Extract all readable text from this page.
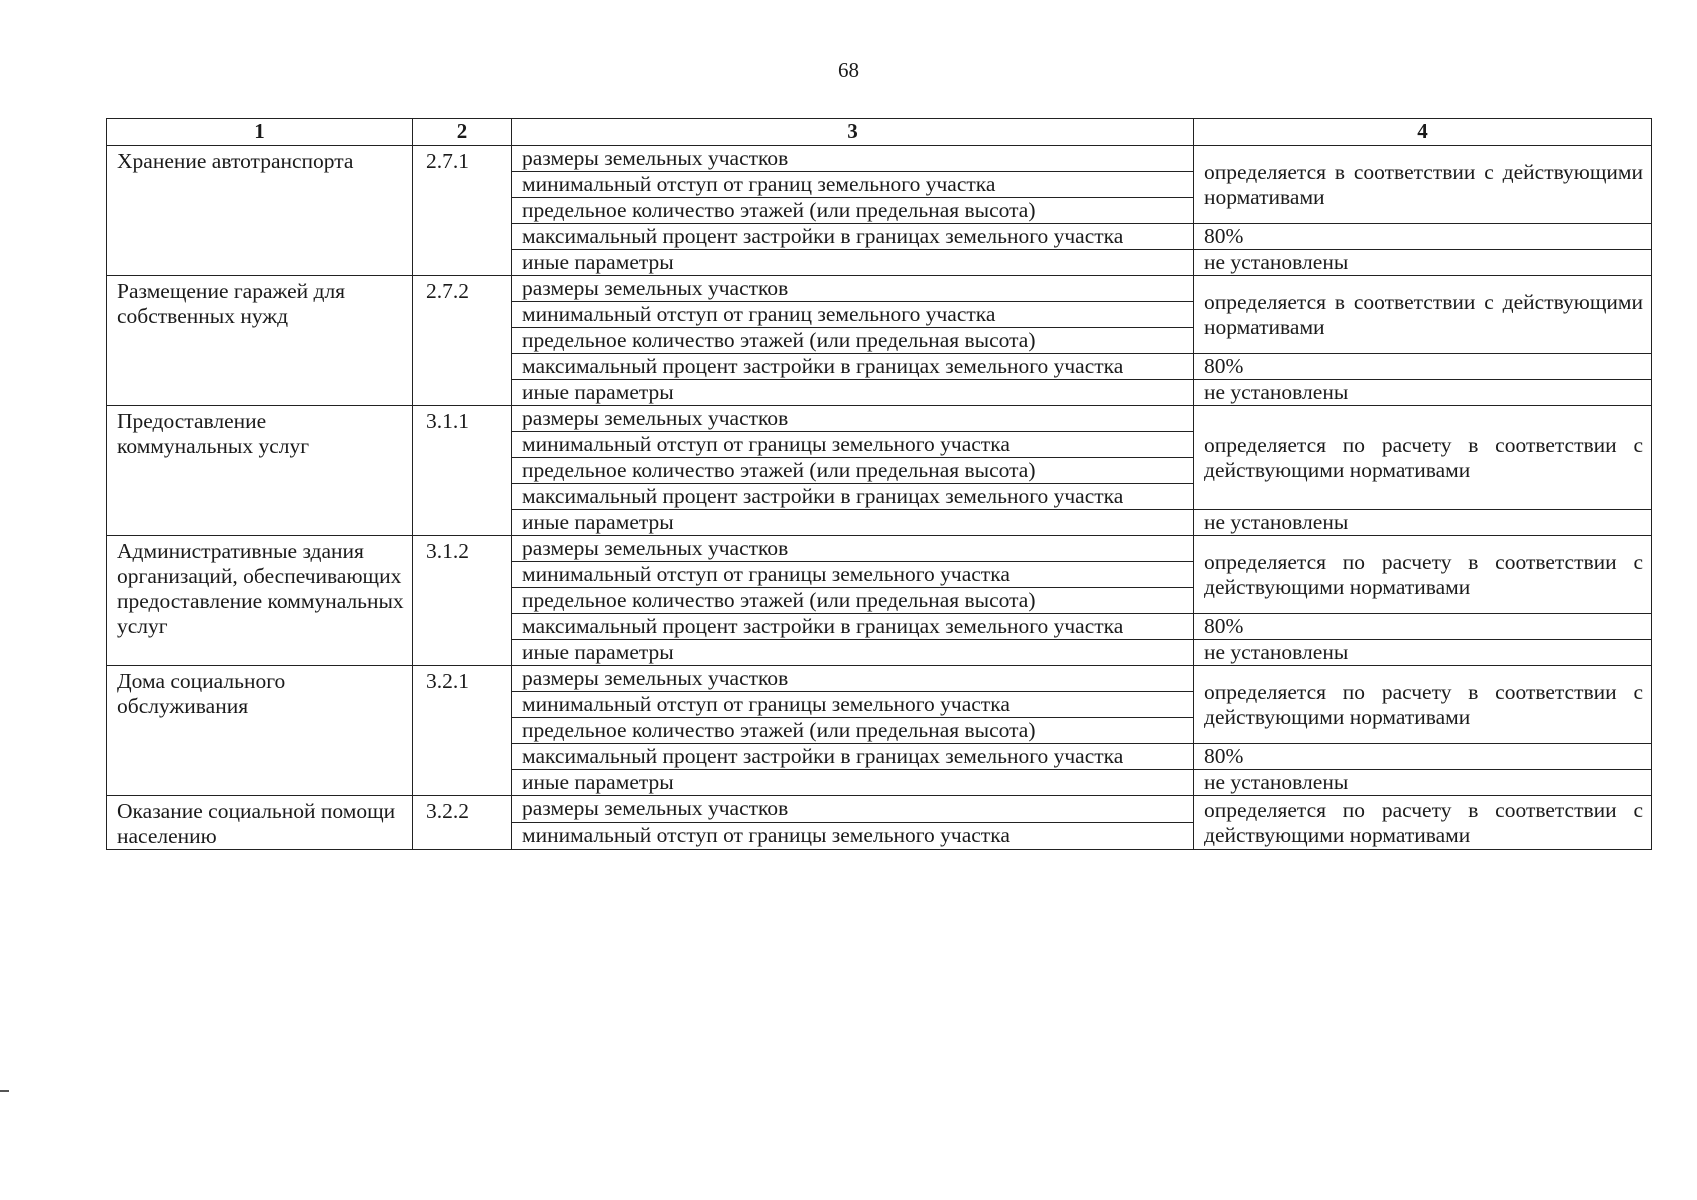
68
1	2	3	4
Хранение автотранспорта	2.7.1	размеры земельных участков	определяется в соответствии с действующими нормативами
		минимальный отступ от границ земельного участка	
		предельное количество этажей (или предельная высота)	
		максимальный процент застройки в границах земельного участка	80%
		иные параметры	не установлены
Размещение гаражей для собственных нужд	2.7.2	размеры земельных участков	определяется в соответствии с действующими нормативами
		минимальный отступ от границ земельного участка	
		предельное количество этажей (или предельная высота)	
		максимальный процент застройки в границах земельного участка	80%
		иные параметры	не установлены
Предоставление коммунальных услуг	3.1.1	размеры земельных участков	определяется по расчету в соответствии с действующими нормативами
		минимальный отступ от границы земельного участка	
		предельное количество этажей (или предельная высота)	
		максимальный процент застройки в границах земельного участка	
		иные параметры	не установлены
Административные здания организаций, обеспечивающих предоставление коммунальных услуг	3.1.2	размеры земельных участков	определяется по расчету в соответствии с действующими нормативами
		минимальный отступ от границы земельного участка	
		предельное количество этажей (или предельная высота)	
		максимальный процент застройки в границах земельного участка	80%
		иные параметры	не установлены
Дома социального обслуживания	3.2.1	размеры земельных участков	определяется по расчету в соответствии с действующими нормативами
		минимальный отступ от границы земельного участка	
		предельное количество этажей (или предельная высота)	
		максимальный процент застройки в границах земельного участка	80%
		иные параметры	не установлены
Оказание социальной помощи населению	3.2.2	размеры земельных участков	определяется по расчету в соответствии с действующими нормативами
		минимальный отступ от границы земельного участка	
